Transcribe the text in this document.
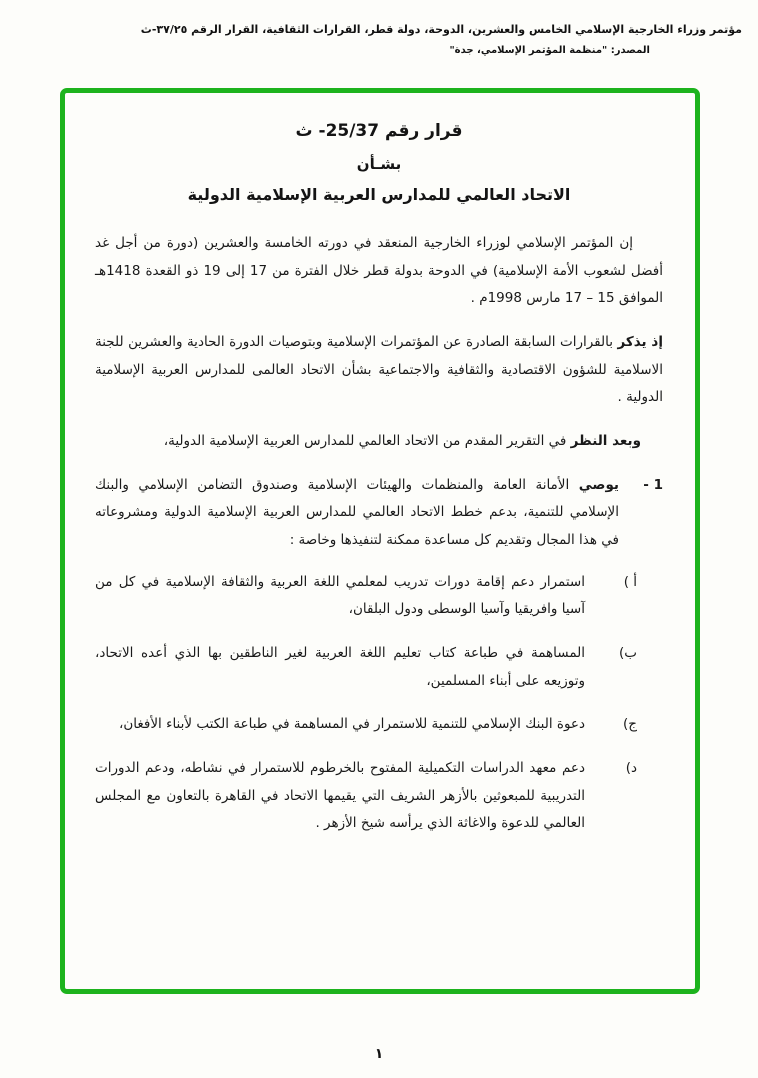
مؤتمر وزراء الخارجية الإسلامي الخامس والعشرين، الدوحة، دولة قطر، القرارات الثقافية، القرار الرقم ٣٧/٢٥-ث
المصدر: "منظمة المؤتمر الإسلامي، جدة"
قرار رقم 25/37- ث
بشـأن
الاتحاد العالمي للمدارس العربية الإسلامية الدولية

إن المؤتمر الإسلامي لوزراء الخارجية المنعقد في دورته الخامسة والعشرين (دورة من أجل غد أفضل لشعوب الأمة الإسلامية) في الدوحة بدولة قطر خلال الفترة من 17 إلى 19 ذو القعدة 1418هـ الموافق 15 – 17 مارس 1998م .

إذ يذكر بالقرارات السابقة الصادرة عن المؤتمرات الإسلامية وبتوصيات الدورة الحادية والعشرين للجنة الاسلامية للشؤون الاقتصادية والثقافية والاجتماعية بشأن الاتحاد العالمى للمدارس العربية الإسلامية الدولية .

وبعد النظر في التقرير المقدم من الاتحاد العالمي للمدارس العربية الإسلامية الدولية،

1 -
يوصي الأمانة العامة والمنظمات والهيئات الإسلامية وصندوق التضامن الإسلامي والبنك الإسلامي للتنمية، بدعم خطط الاتحاد العالمي للمدارس العربية الإسلامية الدولية ومشروعاته في هذا المجال وتقديم كل مساعدة ممكنة لتنفيذها وخاصة :
أ )
استمرار دعم إقامة دورات تدريب لمعلمي اللغة العربية والثقافة الإسلامية في كل من آسيا وافريقيا وآسيا الوسطى ودول البلقان،
ب)
المساهمة في طباعة كتاب تعليم اللغة العربية لغير الناطقين بها الذي أعده الاتحاد، وتوزيعه على أبناء المسلمين،
ج)
دعوة البنك الإسلامي للتنمية للاستمرار في المساهمة في طباعة الكتب لأبناء الأفغان،
د)
دعم معهد الدراسات التكميلية المفتوح بالخرطوم للاستمرار في نشاطه، ودعم الدورات التدريبية للمبعوثين بالأزهر الشريف التي يقيمها الاتحاد في القاهرة بالتعاون مع المجلس العالمي للدعوة والاغاثة الذي يرأسه شيخ الأزهر .
١
